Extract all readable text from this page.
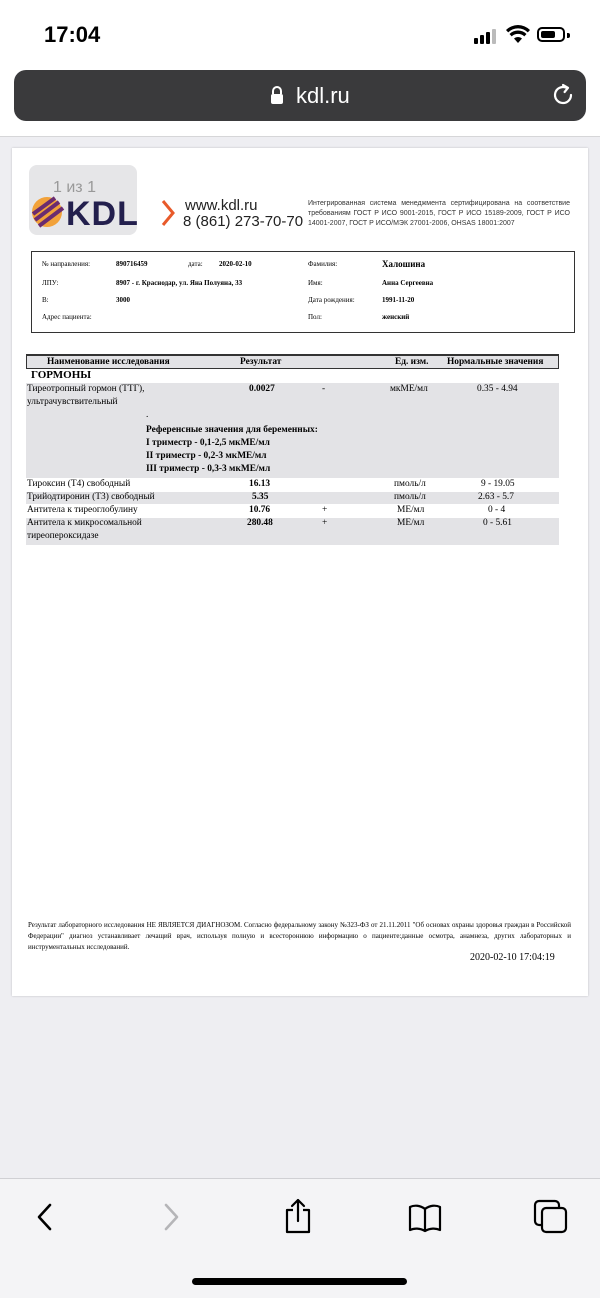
17:04
kdl.ru
1 из 1
KDL	www.kdl.ru
8 (861) 273-70-70
Интегрированная система менеджмента сертифицирована на соответствие требованиям ГОСТ Р ИСО 9001-2015, ГОСТ Р ИСО 15189-2009, ГОСТ Р ИСО 14001-2007, ГОСТ Р ИСО/МЭК 27001-2006, OHSAS 18001:2007
№ направления:	890716459	дата: 2020-02-10
ЛПУ:	8907 - г. Краснодар, ул. Яна Полуяна, 33
В:	3000
Адрес пациента:
Фамилия:	Халошина
Имя:	Анна Сергеевна
Дата рождения:	1991-11-20
Пол:	женский
Наименование исследования	Результат	Ед. изм. Нормальные значения
ГОРМОНЫ
Тиреотропный гормон (ТТГ),
ультрачувствительный
0.0027	-	мкМЕ/мл	0.35 - 4.94
.
Референсные значения для беременных:
I триместр - 0,1-2,5 мкМЕ/мл
II триместр - 0,2-3 мкМЕ/мл
III триместр - 0,3-3 мкМЕ/мл
Тироксин (Т4) свободный	16.13	пмоль/л	9 - 19.05
Трийодтиронин (Т3) свободный	5.35	пмоль/л	2.63 - 5.7
Антитела к тиреоглобулину	10.76	+	МЕ/мл	0 - 4
Антитела к микросомальной
тиреопероксидазе
280.48	+	МЕ/мл	0 - 5.61
Результат лабораторного исследования НЕ ЯВЛЯЕТСЯ ДИАГНОЗОМ. Согласно федеральному закону №323-ФЗ от 21.11.2011 "Об основах охраны здоровья граждан в Российской Федерации" диагноз устанавливает лечащий врач, используя полную и всестороннюю информацию о пациенте:данные осмотра, анамнеза, других лабораторных и инструментальных исследований.
2020-02-10 17:04:19
